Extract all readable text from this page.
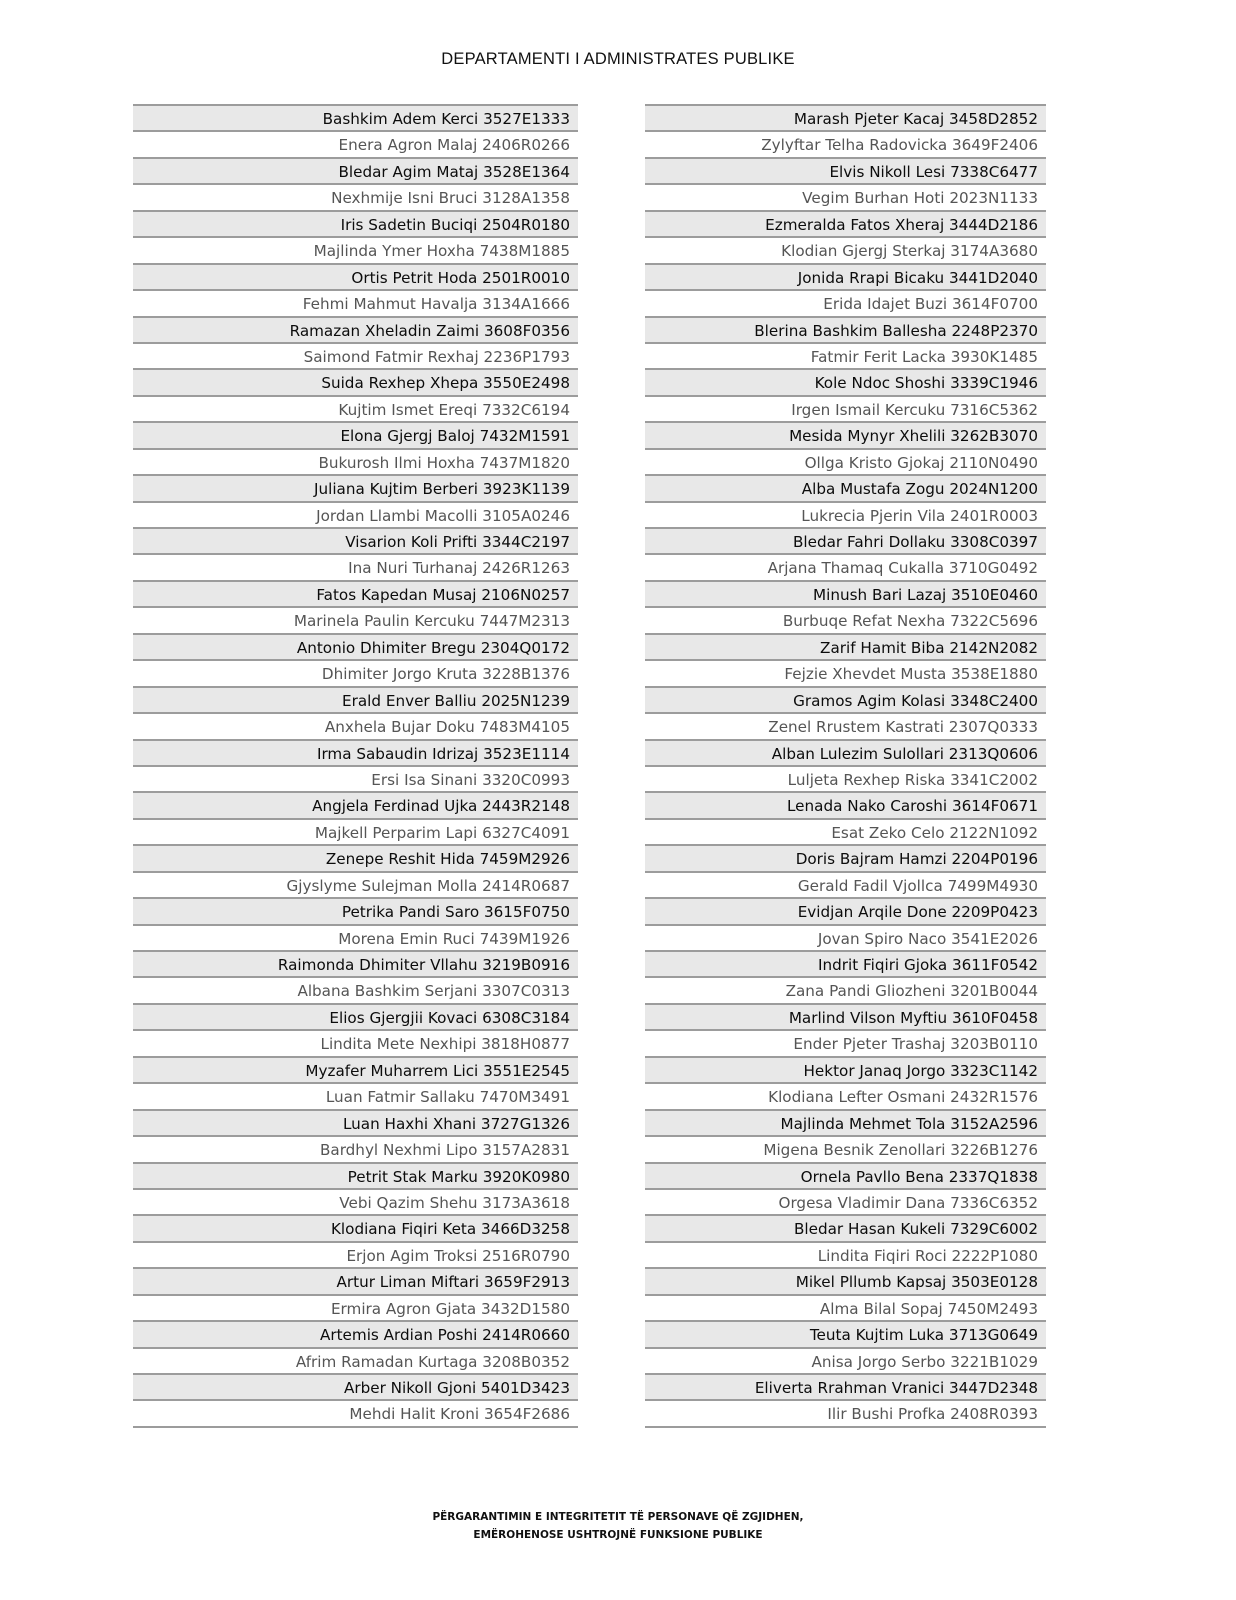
DEPARTAMENTI I ADMINISTRATES PUBLIKE
Bashkim Adem Kerci 3527E1333
Enera Agron Malaj 2406R0266
Bledar Agim Mataj 3528E1364
Nexhmije Isni Bruci 3128A1358
Iris Sadetin Buciqi 2504R0180
Majlinda Ymer Hoxha 7438M1885
Ortis Petrit Hoda 2501R0010
Fehmi Mahmut Havalja 3134A1666
Ramazan Xheladin Zaimi 3608F0356
Saimond Fatmir Rexhaj 2236P1793
Suida Rexhep Xhepa 3550E2498
Kujtim Ismet Ereqi 7332C6194
Elona Gjergj Baloj 7432M1591
Bukurosh Ilmi Hoxha 7437M1820
Juliana Kujtim Berberi 3923K1139
Jordan Llambi Macolli 3105A0246
Visarion Koli Prifti 3344C2197
Ina Nuri Turhanaj 2426R1263
Fatos Kapedan Musaj 2106N0257
Marinela Paulin Kercuku 7447M2313
Antonio Dhimiter Bregu 2304Q0172
Dhimiter Jorgo Kruta 3228B1376
Erald Enver Balliu 2025N1239
Anxhela Bujar Doku 7483M4105
Irma Sabaudin Idrizaj 3523E1114
Ersi Isa Sinani 3320C0993
Angjela Ferdinad Ujka 2443R2148
Majkell Perparim Lapi 6327C4091
Zenepe Reshit Hida 7459M2926
Gjyslyme Sulejman Molla 2414R0687
Petrika Pandi Saro 3615F0750
Morena Emin Ruci 7439M1926
Raimonda Dhimiter Vllahu 3219B0916
Albana Bashkim Serjani 3307C0313
Elios Gjergjii Kovaci 6308C3184
Lindita Mete Nexhipi 3818H0877
Myzafer Muharrem Lici 3551E2545
Luan Fatmir Sallaku 7470M3491
Luan Haxhi Xhani 3727G1326
Bardhyl Nexhmi Lipo 3157A2831
Petrit Stak Marku 3920K0980
Vebi Qazim Shehu 3173A3618
Klodiana Fiqiri Keta 3466D3258
Erjon Agim Troksi 2516R0790
Artur Liman Miftari 3659F2913
Ermira Agron Gjata 3432D1580
Artemis Ardian Poshi 2414R0660
Afrim Ramadan Kurtaga 3208B0352
Arber Nikoll Gjoni 5401D3423
Mehdi Halit Kroni 3654F2686
Marash Pjeter Kacaj 3458D2852
Zylyftar Telha Radovicka 3649F2406
Elvis Nikoll Lesi 7338C6477
Vegim Burhan Hoti 2023N1133
Ezmeralda Fatos Xheraj 3444D2186
Klodian Gjergj Sterkaj 3174A3680
Jonida Rrapi Bicaku 3441D2040
Erida Idajet Buzi 3614F0700
Blerina Bashkim Ballesha 2248P2370
Fatmir Ferit Lacka 3930K1485
Kole Ndoc Shoshi 3339C1946
Irgen Ismail Kercuku 7316C5362
Mesida Mynyr Xhelili 3262B3070
Ollga Kristo Gjokaj 2110N0490
Alba Mustafa Zogu 2024N1200
Lukrecia Pjerin Vila 2401R0003
Bledar Fahri Dollaku 3308C0397
Arjana Thamaq Cukalla 3710G0492
Minush Bari Lazaj 3510E0460
Burbuqe Refat Nexha 7322C5696
Zarif Hamit Biba 2142N2082
Fejzie Xhevdet Musta 3538E1880
Gramos Agim Kolasi 3348C2400
Zenel Rrustem Kastrati 2307Q0333
Alban Lulezim Sulollari 2313Q0606
Luljeta Rexhep Riska 3341C2002
Lenada Nako Caroshi 3614F0671
Esat Zeko Celo 2122N1092
Doris Bajram Hamzi 2204P0196
Gerald Fadil Vjollca 7499M4930
Evidjan Arqile Done 2209P0423
Jovan Spiro Naco 3541E2026
Indrit Fiqiri Gjoka 3611F0542
Zana Pandi Gliozheni 3201B0044
Marlind Vilson Myftiu 3610F0458
Ender Pjeter Trashaj 3203B0110
Hektor Janaq Jorgo 3323C1142
Klodiana Lefter Osmani 2432R1576
Majlinda Mehmet Tola 3152A2596
Migena Besnik Zenollari 3226B1276
Ornela Pavllo Bena 2337Q1838
Orgesa Vladimir Dana 7336C6352
Bledar Hasan Kukeli 7329C6002
Lindita Fiqiri Roci 2222P1080
Mikel Pllumb Kapsaj 3503E0128
Alma Bilal Sopaj 7450M2493
Teuta Kujtim Luka 3713G0649
Anisa Jorgo Serbo 3221B1029
Eliverta Rrahman Vranici 3447D2348
Ilir Bushi Profka 2408R0393
PËRGARANTIMIN E INTEGRITETIT TË PERSONAVE QË ZGJIDHEN,
EMËROHENOSE USHTROJNË FUNKSIONE PUBLIKE
